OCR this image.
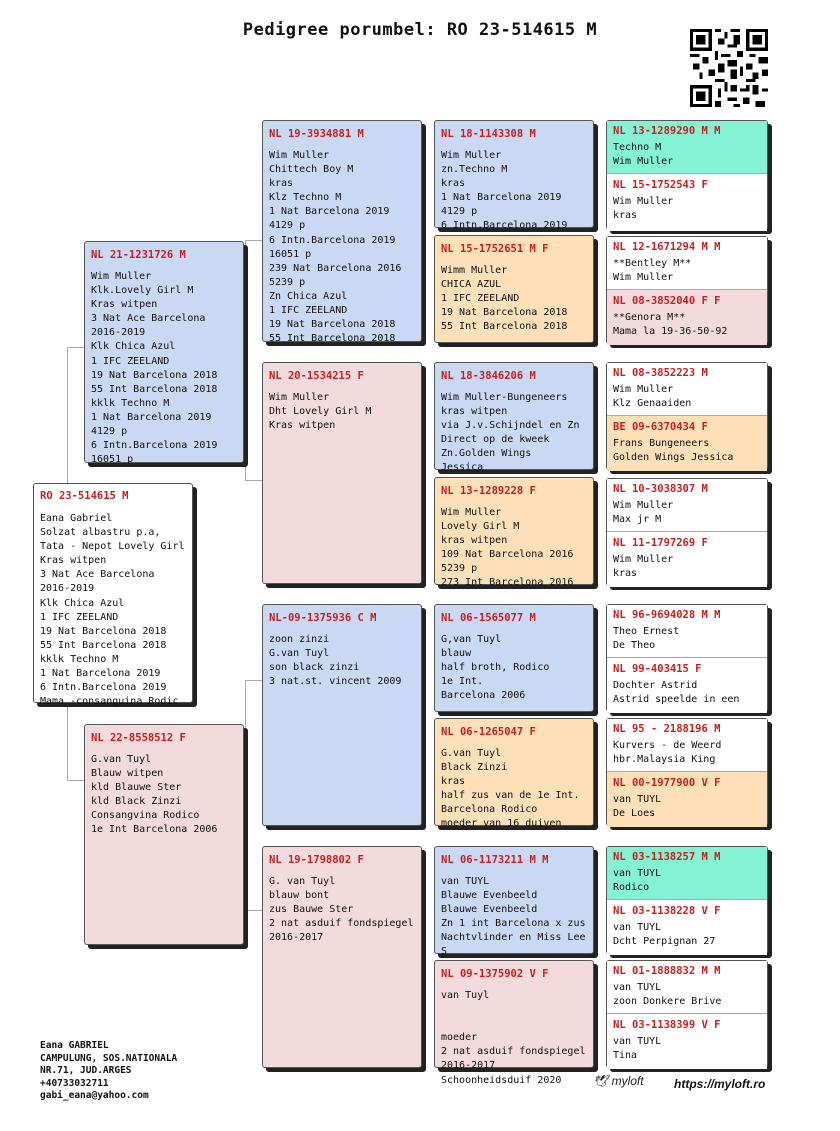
Pedigree porumbel: RO 23-514615 M
RO 23-514615 M
Eana Gabriel
Solzat albastru p.a,
Tata - Nepot Lovely Girl
Kras witpen
3 Nat Ace Barcelona
2016-2019
Klk Chica Azul
1 IFC ZEELAND
19 Nat Barcelona 2018
55 Int Barcelona 2018
kklk Techno M
1 Nat Barcelona 2019
6 Intn.Barcelona 2019
Mama -consanguina Rodic
NL 21-1231726 M
Wim Muller
Klk.Lovely Girl M
Kras witpen
3 Nat Ace Barcelona
2016-2019
Klk Chica Azul
1 IFC ZEELAND
19 Nat Barcelona 2018
55 Int Barcelona 2018
kklk Techno M
1 Nat Barcelona 2019
4129 p
6 Intn.Barcelona 2019
16051 p
NL 22-8558512 F
G.van Tuyl
Blauw witpen
kld Blauwe Ster
kld Black Zinzi
Consangvina Rodico
1e Int Barcelona 2006
NL 19-3934881 M
Wim Muller
Chittech Boy M
kras
Klz Techno M
1 Nat Barcelona 2019
4129 p
6 Intn.Barcelona 2019
16051 p
239 Nat Barcelona 2016
5239 p
Zn Chica Azul
1 IFC ZEELAND
19 Nat Barcelona 2018
55 Int Barcelona 2018
NL 20-1534215 F
Wim Muller
Dht Lovely Girl M
Kras witpen
NL-09-1375936 C M
zoon zinzi
G.van Tuyl
son black zinzi
3 nat.st. vincent 2009
NL 19-1798802 F
G. van Tuyl
blauw bont
zus Bauwe Ster
2 nat asduif fondspiegel
2016-2017
NL 18-1143308 M
Wim Muller
zn.Techno M
kras
1 Nat Barcelona 2019
4129 p
6 Intn.Barcelona 2019
NL 15-1752651 M F
Wimm Muller
CHICA AZUL
1 IFC ZEELAND
19 Nat Barcelona 2018
55 Int Barcelona 2018
NL 18-3846206 M
Wim Muller-Bungeneers
kras witpen
via J.v.Schijndel en Zn
Direct op de kweek
Zn.Golden Wings
Jessica
NL 13-1289228 F
Wim Muller
Lovely Girl M
kras witpen
109 Nat Barcelona 2016
5239 p
273 Int Barcelona 2016
NL 06-1565077 M
G,van Tuyl
blauw
half broth, Rodico
1e Int.
Barcelona 2006
NL 06-1265047 F
G.van Tuyl
Black Zinzi
kras
half zus van de 1e Int.
Barcelona Rodico
moeder van 16 duiven
NL 06-1173211 M M
van TUYL
Blauwe Evenbeeld
Blauwe Evenbeeld
Zn 1 int Barcelona x zus
Nachtvlinder en Miss Lee
S
NL 09-1375902 V F
van Tuyl
moeder
2 nat asduif fondspiegel
2016-2017
Schoonheidsduif 2020
NL 13-1289290 M M
Techno M
Wim Muller
NL 15-1752543 F
Wim Muller
kras
NL 12-1671294 M M
**Bentley M**
Wim Muller
NL 08-3852040 F F
**Genora M**
Mama la 19-36-50-92
NL 08-3852223 M
Wim Muller
Klz Genaaiden
BE 09-6370434 F
Frans Bungeneers
Golden Wings Jessica
NL 10-3038307 M
Wim Muller
Max jr M
NL 11-1797269 F
Wim Muller
kras
NL 96-9694028 M M
Theo Ernest
De Theo
NL 99-403415 F
Dochter Astrid
Astrid speelde in een
NL 95 - 2188196 M
Kurvers - de Weerd
hbr.Malaysia King
NL 00-1977900 V F
van TUYL
De Loes
NL 03-1138257 M M
van TUYL
Rodico
NL 03-1138228 V F
van TUYL
Dcht Perpignan 27
NL 01-1888832 M M
van TUYL
zoon Donkere Brive
NL 03-1138399 V F
van TUYL
Tina
Eana GABRIEL
CAMPULUNG, SOS.NATIONALA
NR.71, JUD.ARGES
+40733032711
gabi_eana@yahoo.com
🕊 myloft	https://myloft.ro
